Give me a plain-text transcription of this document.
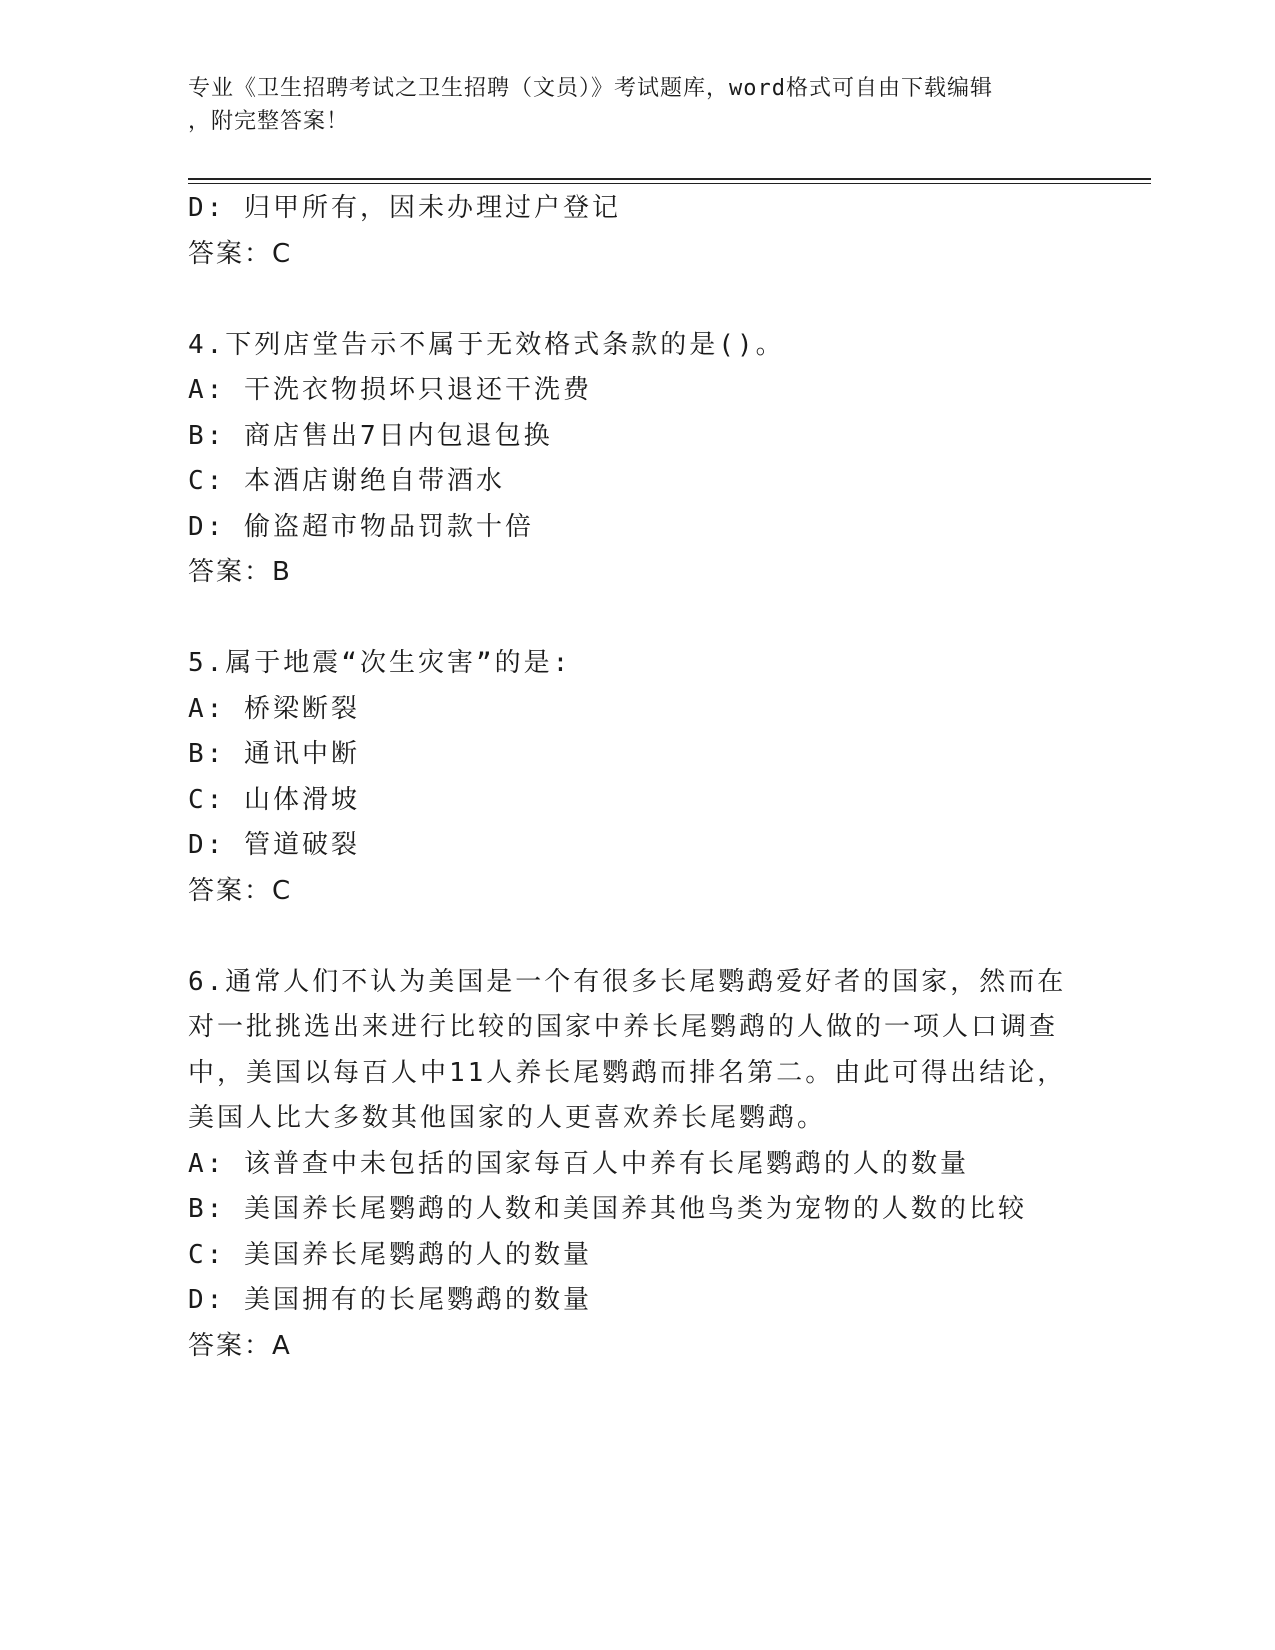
专业《卫生招聘考试之卫生招聘（文员）》考试题库，word格式可自由下载编辑
，附完整答案！
D: 归甲所有，因未办理过户登记
答案：C
4.下列店堂告示不属于无效格式条款的是()。
A: 干洗衣物损坏只退还干洗费
B: 商店售出7日内包退包换
C: 本酒店谢绝自带酒水
D: 偷盗超市物品罚款十倍
答案：B
5.属于地震“次生灾害”的是:
A: 桥梁断裂
B: 通讯中断
C: 山体滑坡
D: 管道破裂
答案：C
6.通常人们不认为美国是一个有很多长尾鹦鹉爱好者的国家，然而在对一批挑选出来进行比较的国家中养长尾鹦鹉的人做的一项人口调查中，美国以每百人中11人养长尾鹦鹉而排名第二。由此可得出结论，美国人比大多数其他国家的人更喜欢养长尾鹦鹉。
A: 该普查中未包括的国家每百人中养有长尾鹦鹉的人的数量
B: 美国养长尾鹦鹉的人数和美国养其他鸟类为宠物的人数的比较
C: 美国养长尾鹦鹉的人的数量
D: 美国拥有的长尾鹦鹉的数量
答案：A
